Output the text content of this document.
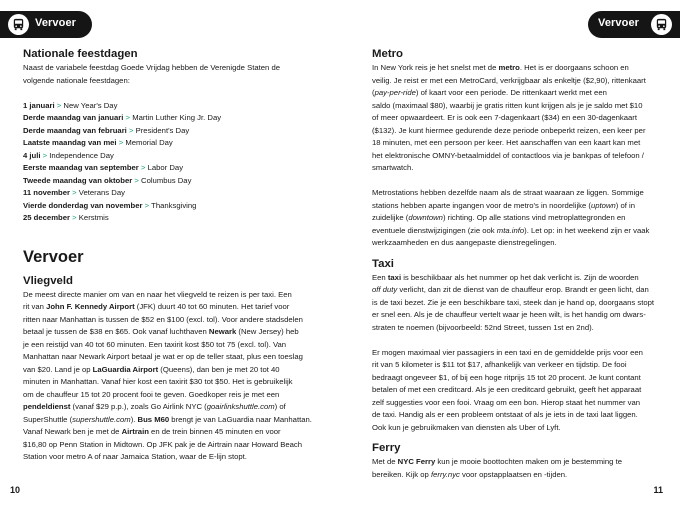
Vervoer
Nationale feestdagen

Naast de variabele feestdag Goede Vrijdag hebben de Verenigde Staten de
volgende nationale feestdagen:

1 januari > New Year's Day
Derde maandag van januari > Martin Luther King Jr. Day
Derde maandag van februari > President's Day
Laatste maandag van mei > Memorial Day
4 juli > Independence Day
Eerste maandag van september > Labor Day
Tweede maandag van oktober > Columbus Day
11 november > Veterans Day
Vierde donderdag van november > Thanksgiving
25 december > Kerstmis
Vervoer
Vliegveld

De meest directe manier om van en naar het vliegveld te reizen is per taxi. Een
rit van John F. Kennedy Airport (JFK) duurt 40 tot 60 minuten. Het tarief voor
ritten naar Manhattan is tussen de $52 en $100 (excl. tol). Voor andere stadsdelen
betaal je tussen de $38 en $65. Ook vanaf luchthaven Newark (New Jersey) heb
je een reistijd van 40 tot 60 minuten. Een taxirit kost $50 tot 75 (excl. tol). Van
Manhattan naar Newark Airport betaal je wat er op de teller staat, plus een toeslag
van $20. Land je op LaGuardia Airport (Queens), dan ben je met 20 tot 40
minuten in Manhattan. Vanaf hier kost een taxirit $30 tot $50. Het is gebruikelijk
om de chauffeur 15 tot 20 procent fooi te geven. Goedkoper reis je met een
pendeldienst (vanaf $29 p.p.), zoals Go Airlink NYC (goairlinkshuttle.com) of
SuperShuttle (supershuttle.com). Bus M60 brengt je van LaGuardia naar Manhattan.
Vanaf Newark ben je met de Airtrain en de trein binnen 45 minuten en voor
$16,80 op Penn Station in Midtown. Op JFK pak je de Airtrain naar Howard Beach
Station voor metro A of naar Jamaica Station, waar de E-lijn stopt.

10
Vervoer
Metro

In New York reis je het snelst met de metro. Het is er doorgaans schoon en
veilig. Je reist er met een MetroCard, verkrijgbaar als enkeltje ($2,90), rittenkaart
(pay-per-ride) of kaart voor een periode. De rittenkaart werkt met een
saldo (maximaal $80), waarbij je gratis ritten kunt krijgen als je je saldo met $10
of meer opwaardeert. Er is ook een 7-dagenkaart ($34) en een 30-dagenkaart
($132). Je kunt hiermee gedurende deze periode onbeperkt reizen, een keer per
18 minuten, met een persoon per keer. Het aanschaffen van een kaart kan met
het elektronische OMNY-betaalmiddel of contactloos via je bankpas of telefoon /
smartwatch.

Metrostations hebben dezelfde naam als de straat waaraan ze liggen. Sommige
stations hebben aparte ingangen voor de metro's in noordelijke (uptown) of in
zuidelijke (downtown) richting. Op alle stations vind metroplattegronden en
eventuele dienstwijzigingen (zie ook mta.info). Let op: in het weekend zijn er vaak
werkzaamheden en dus aangepaste dienstregelingen.

Taxi

Een taxi is beschikbaar als het nummer op het dak verlicht is. Zijn de woorden
off duty verlicht, dan zit de dienst van de chauffeur erop. Brandt er geen licht, dan
is de taxi bezet. Zie je een beschikbare taxi, steek dan je hand op, doorgaans stopt
er snel een. Als je de chauffeur vertelt waar je heen wilt, is het handig om dwars-
straten te noemen (bijvoorbeeld: 52nd Street, tussen 1st en 2nd).

Er mogen maximaal vier passagiers in een taxi en de gemiddelde prijs voor een
rit van 5 kilometer is $11 tot $17, afhankelijk van verkeer en tijdstip. De fooi
bedraagt ongeveer $1, of bij een hoge ritprijs 15 tot 20 procent. Je kunt contant
betalen of met een creditcard. Als je een creditcard gebruikt, geeft het apparaat
zelf suggesties voor een fooi. Vraag om een bon. Hierop staat het nummer van
de taxi. Handig als er een probleem ontstaat of als je iets in de taxi laat liggen.
Ook kun je gebruikmaken van diensten als Uber of Lyft.

Ferry

Met de NYC Ferry kun je mooie boottochten maken om je bestemming te
bereiken. Kijk op ferry.nyc voor opstapplaatsen en -tijden.

11
